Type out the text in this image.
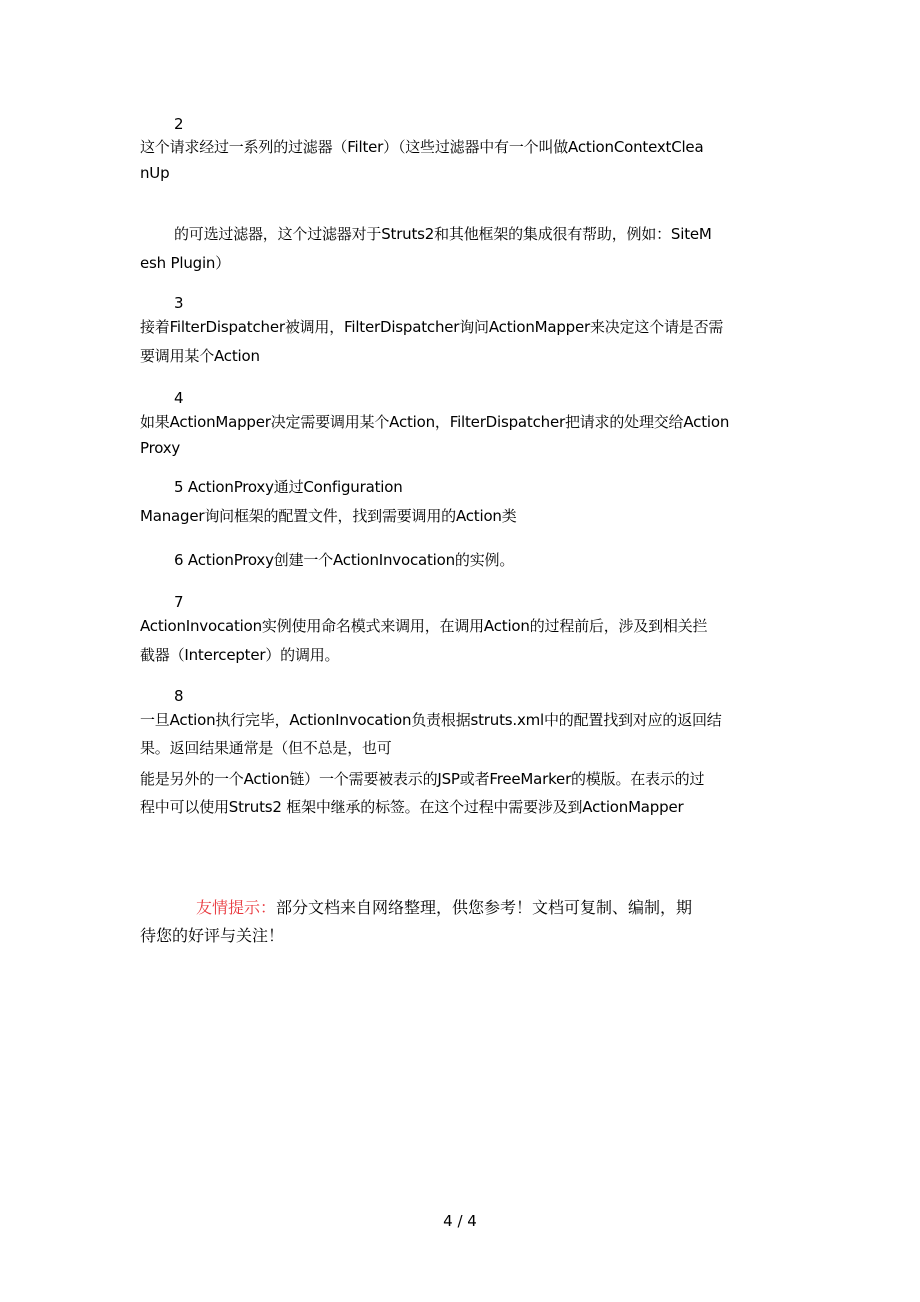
2
这个请求经过一系列的过滤器（Filter）（这些过滤器中有一个叫做ActionContextClea
nUp
的可选过滤器，这个过滤器对于Struts2和其他框架的集成很有帮助，例如：SiteM
esh Plugin）
3
接着FilterDispatcher被调用，FilterDispatcher询问ActionMapper来决定这个请是否需
要调用某个Action
4
如果ActionMapper决定需要调用某个Action，FilterDispatcher把请求的处理交给Action
Proxy
5 ActionProxy通过Configuration
Manager询问框架的配置文件，找到需要调用的Action类
6 ActionProxy创建一个ActionInvocation的实例。
7
ActionInvocation实例使用命名模式来调用，在调用Action的过程前后，涉及到相关拦
截器（Intercepter）的调用。
8
一旦Action执行完毕，ActionInvocation负责根据struts.xml中的配置找到对应的返回结
果。返回结果通常是（但不总是，也可
能是另外的一个Action链）一个需要被表示的JSP或者FreeMarker的模版。在表示的过
程中可以使用Struts2 框架中继承的标签。在这个过程中需要涉及到ActionMapper
友情提示：部分文档来自网络整理，供您参考！文档可复制、编制，期
待您的好评与关注！
4 / 4
